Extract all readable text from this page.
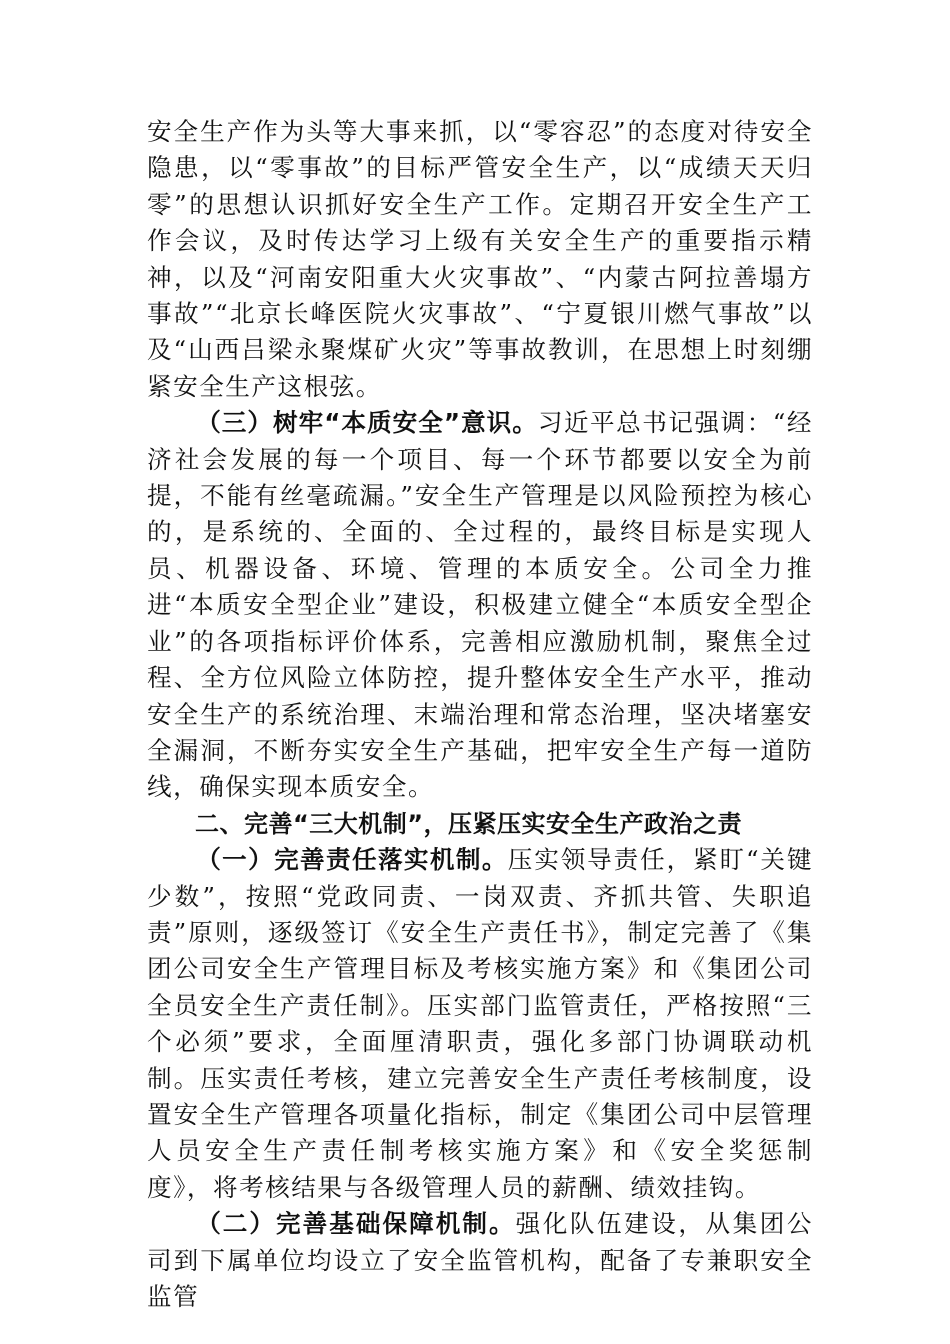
安全生产作为头等大事来抓，以“零容忍”的态度对待安全隐患，以“零事故”的目标严管安全生产，以“成绩天天归零”的思想认识抓好安全生产工作。定期召开安全生产工作会议，及时传达学习上级有关安全生产的重要指示精神，以及“河南安阳重大火灾事故”、“内蒙古阿拉善塌方事故”“北京长峰医院火灾事故”、“宁夏银川燃气事故”以及“山西吕梁永聚煤矿火灾”等事故教训，在思想上时刻绷紧安全生产这根弦。

（三）树牢“本质安全”意识。习近平总书记强调：“经济社会发展的每一个项目、每一个环节都要以安全为前提，不能有丝毫疏漏。”安全生产管理是以风险预控为核心的，是系统的、全面的、全过程的，最终目标是实现人员、机器设备、环境、管理的本质安全。公司全力推进“本质安全型企业”建设，积极建立健全“本质安全型企业”的各项指标评价体系，完善相应激励机制，聚焦全过程、全方位风险立体防控，提升整体安全生产水平，推动安全生产的系统治理、末端治理和常态治理，坚决堵塞安全漏洞，不断夯实安全生产基础，把牢安全生产每一道防线，确保实现本质安全。

二、完善“三大机制”，压紧压实安全生产政治之责

（一）完善责任落实机制。压实领导责任，紧盯“关键少数”，按照“党政同责、一岗双责、齐抓共管、失职追责”原则，逐级签订《安全生产责任书》，制定完善了《集团公司安全生产管理目标及考核实施方案》和《集团公司全员安全生产责任制》。压实部门监管责任，严格按照“三个必须”要求，全面厘清职责，强化多部门协调联动机制。压实责任考核，建立完善安全生产责任考核制度，设置安全生产管理各项量化指标，制定《集团公司中层管理人员安全生产责任制考核实施方案》和《安全奖惩制度》，将考核结果与各级管理人员的薪酬、绩效挂钩。

（二）完善基础保障机制。强化队伍建设，从集团公司到下属单位均设立了安全监管机构，配备了专兼职安全监管
